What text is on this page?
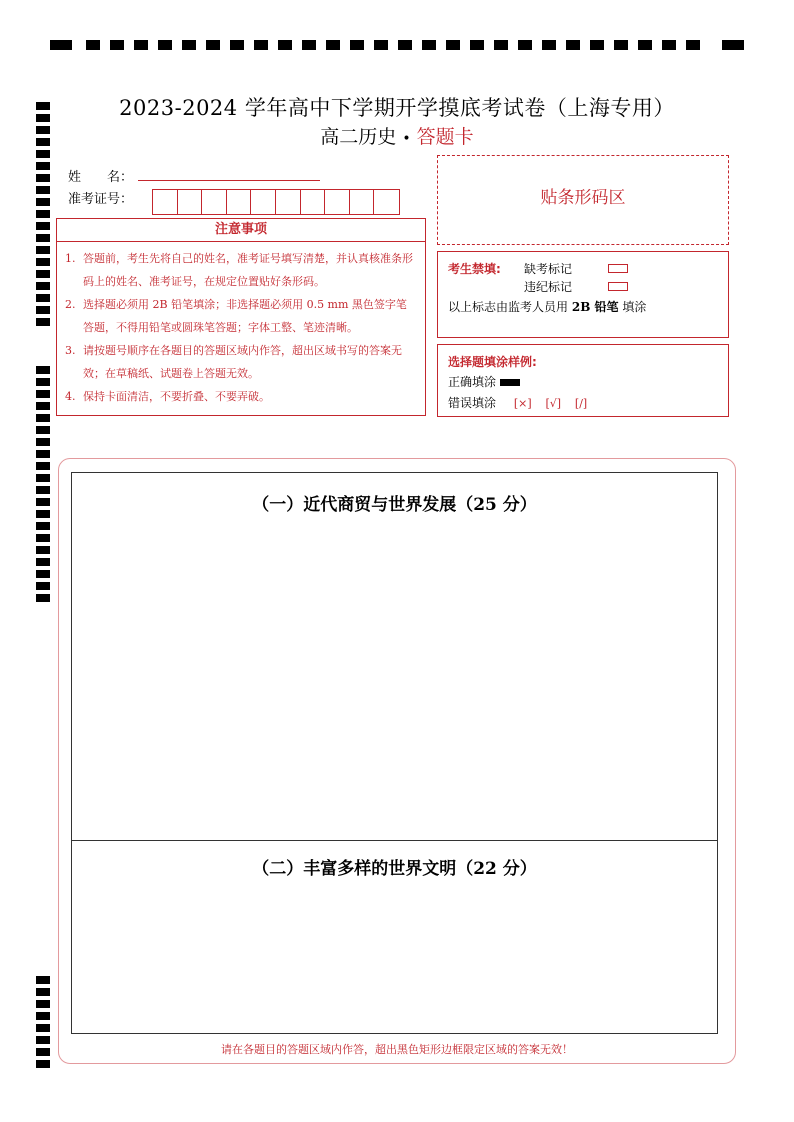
2023-2024 学年高中下学期开学摸底考试卷（上海专用）
高二历史 • 答题卡
姓　　名：
准考证号：
注意事项
1. 答题前，考生先将自己的姓名，准考证号填写清楚，并认真核准条形码上的姓名、准考证号，在规定位置贴好条形码。
2. 选择题必须用 2B 铅笔填涂；非选择题必须用 0.5 mm 黑色签字笔答题，不得用铅笔或圆珠笔答题；字体工整、笔迹清晰。
3. 请按题号顺序在各题目的答题区域内作答，超出区域书写的答案无效；在草稿纸、试题卷上答题无效。
4. 保持卡面清洁，不要折叠、不要弄破。
贴条形码区
考生禁填: 缺考标记
违纪标记
以上标志由监考人员用 2B 铅笔 填涂
选择题填涂样例:
正确填涂
错误填涂 [×] [√] [/]
（一）近代商贸与世界发展（25 分）
（二）丰富多样的世界文明（22 分）
请在各题目的答题区域内作答，超出黑色矩形边框限定区域的答案无效！
